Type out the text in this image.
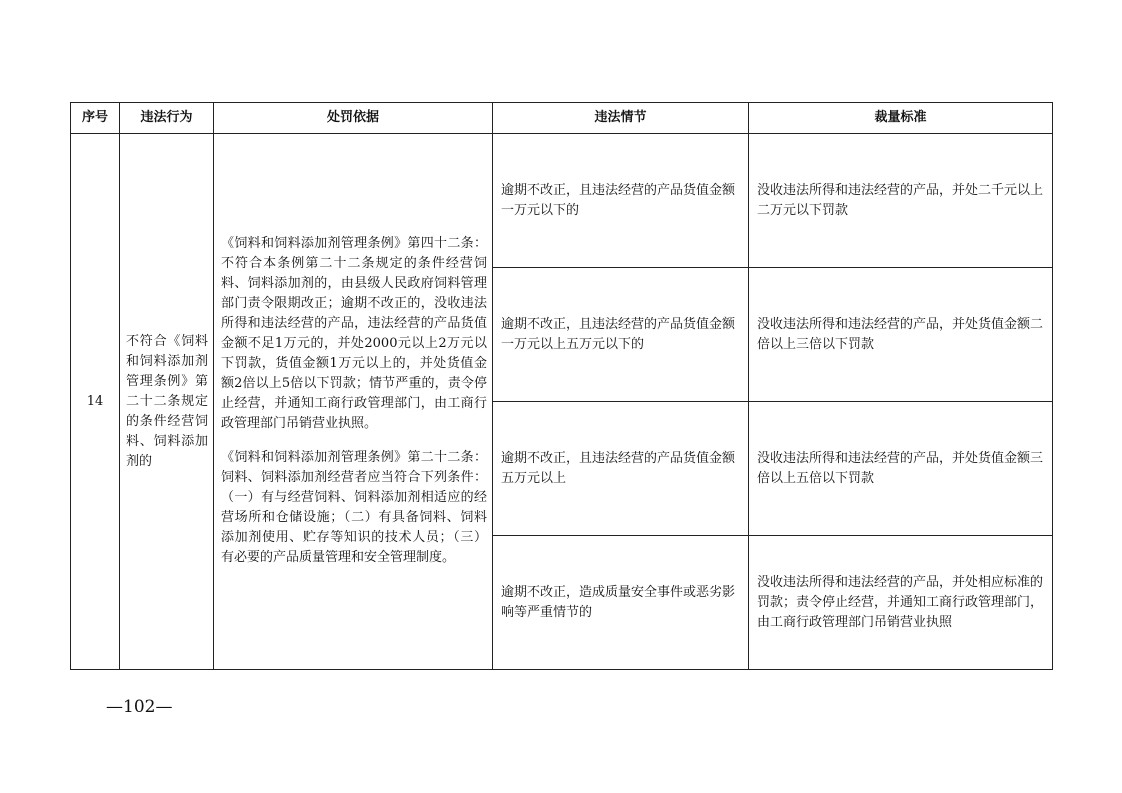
序号	违法行为	处罚依据	违法情节	裁量标准
14	不符合《饲料和饲料添加剂管理条例》第二十二条规定的条件经营饲料、饲料添加剂的	《饲料和饲料添加剂管理条例》第四十二条：不符合本条例第二十二条规定的条件经营饲料、饲料添加剂的，由县级人民政府饲料管理部门责令限期改正；逾期不改正的，没收违法所得和违法经营的产品，违法经营的产品货值金额不足1万元的，并处2000元以上2万元以下罚款，货值金额1万元以上的，并处货值金额2倍以上5倍以下罚款；情节严重的，责令停止经营，并通知工商行政管理部门，由工商行政管理部门吊销营业执照。

《饲料和饲料添加剂管理条例》第二十二条：饲料、饲料添加剂经营者应当符合下列条件：（一）有与经营饲料、饲料添加剂相适应的经营场所和仓储设施；（二）有具备饲料、饲料添加剂使用、贮存等知识的技术人员；（三）有必要的产品质量管理和安全管理制度。	逾期不改正，且违法经营的产品货值金额一万元以下的	没收违法所得和违法经营的产品，并处二千元以上二万元以下罚款

			逾期不改正，且违法经营的产品货值金额一万元以上五万元以下的	没收违法所得和违法经营的产品，并处货值金额二倍以上三倍以下罚款

			逾期不改正，且违法经营的产品货值金额五万元以上	没收违法所得和违法经营的产品，并处货值金额三倍以上五倍以下罚款

			逾期不改正，造成质量安全事件或恶劣影响等严重情节的	没收违法所得和违法经营的产品，并处相应标准的罚款；责令停止经营，并通知工商行政管理部门，由工商行政管理部门吊销营业执照
—102—
